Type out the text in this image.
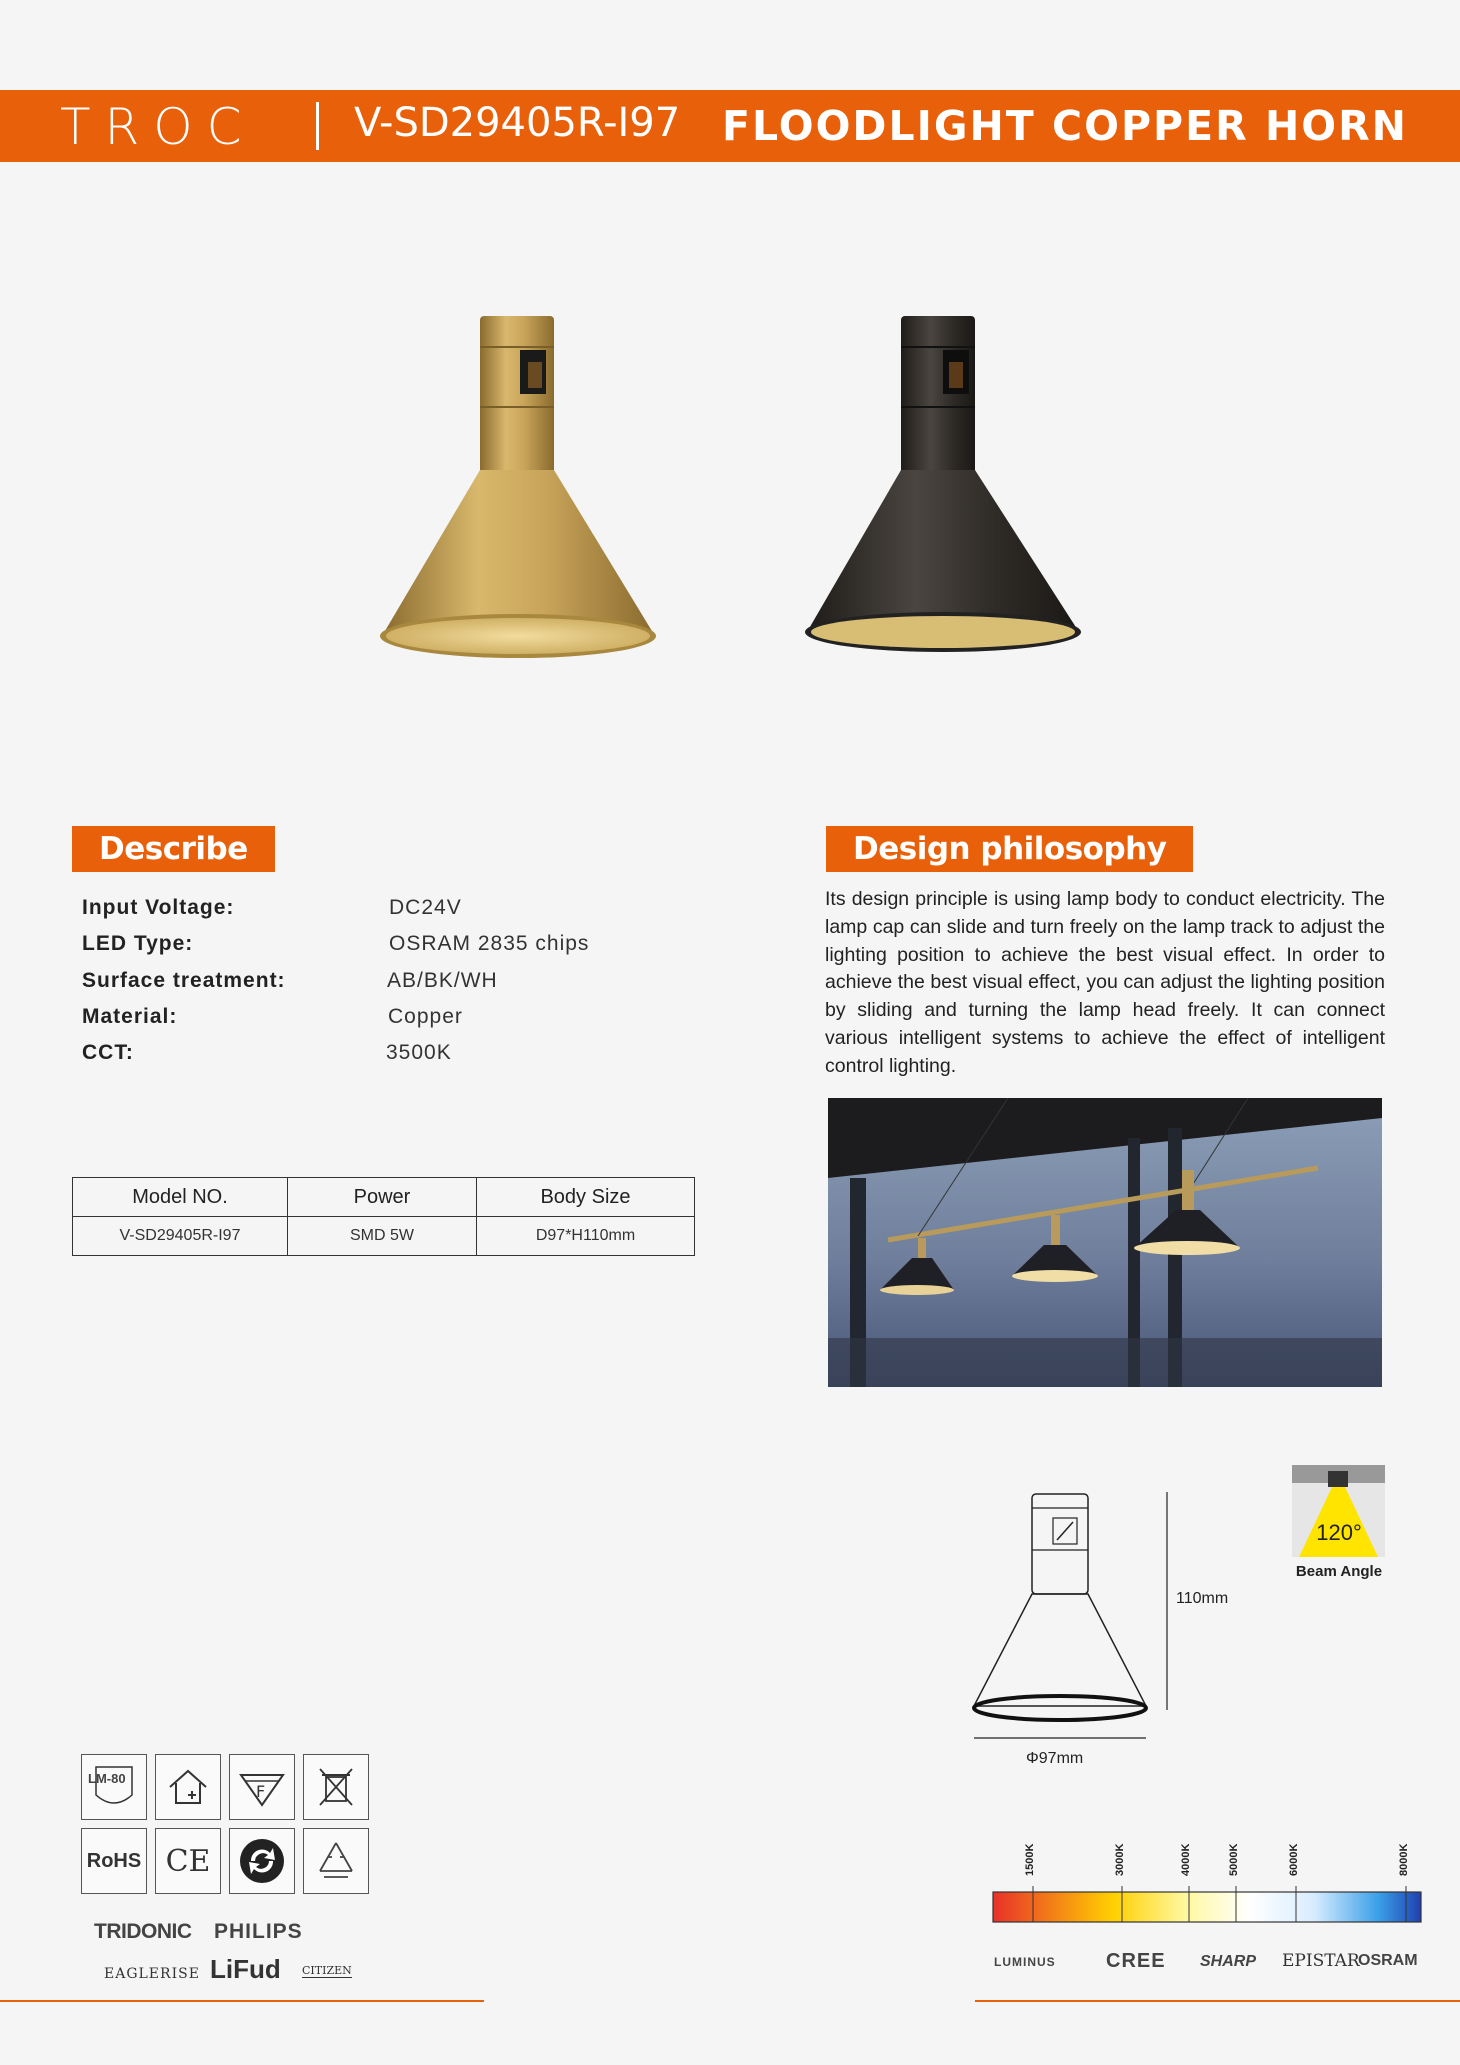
TROC V-SD29405R-I97 FLOODLIGHT COPPER HORN
Describe
Input Voltage:	DC24V
LED Type:	OSRAM 2835 chips
Surface treatment:	AB/BK/WH
Material:	Copper
CCT:	3500K
Model NO.	Power	Body Size
V-SD29405R-I97	SMD 5W	D97*H110mm
Design philosophy
Its design principle is using lamp body to conduct electricity. The lamp cap can slide and turn freely on the lamp track to adjust the lighting position to achieve the best visual effect. In order to achieve the best visual effect, you can adjust the lighting position by sliding and turning the lamp head freely. It can connect various intelligent systems to achieve the effect of intelligent control lighting.
110mm
Φ97mm
120°
Beam Angle
LM-80
F
RoHS CE
TRIDONIC PHILIPS
EAGLERISE LiFud CITIZEN
1500K	3000K	4000K	5000K	6000K	8000K
LUMINUS	CREE SHARP EPISTAR
OSRAM
